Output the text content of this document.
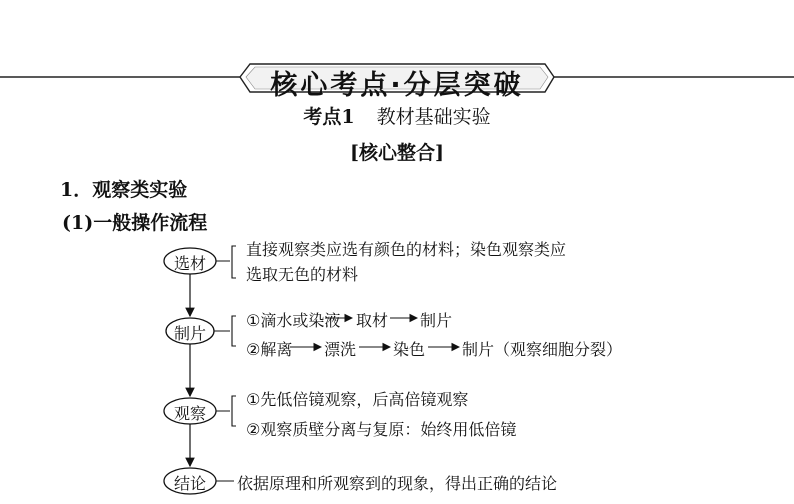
核心考点·分层突破
考点1 教材基础实验
[核心整合]
1．观察类实验
(1)一般操作流程
选材
制片
观察
结论
直接观察类应选有颜色的材料；染色观察类应
选取无色的材料
①滴水或染液 取材 制片
②解离 漂洗 染色 制片（观察细胞分裂）
①先低倍镜观察，后高倍镜观察
②观察质壁分离与复原：始终用低倍镜
依据原理和所观察到的现象，得出正确的结论
